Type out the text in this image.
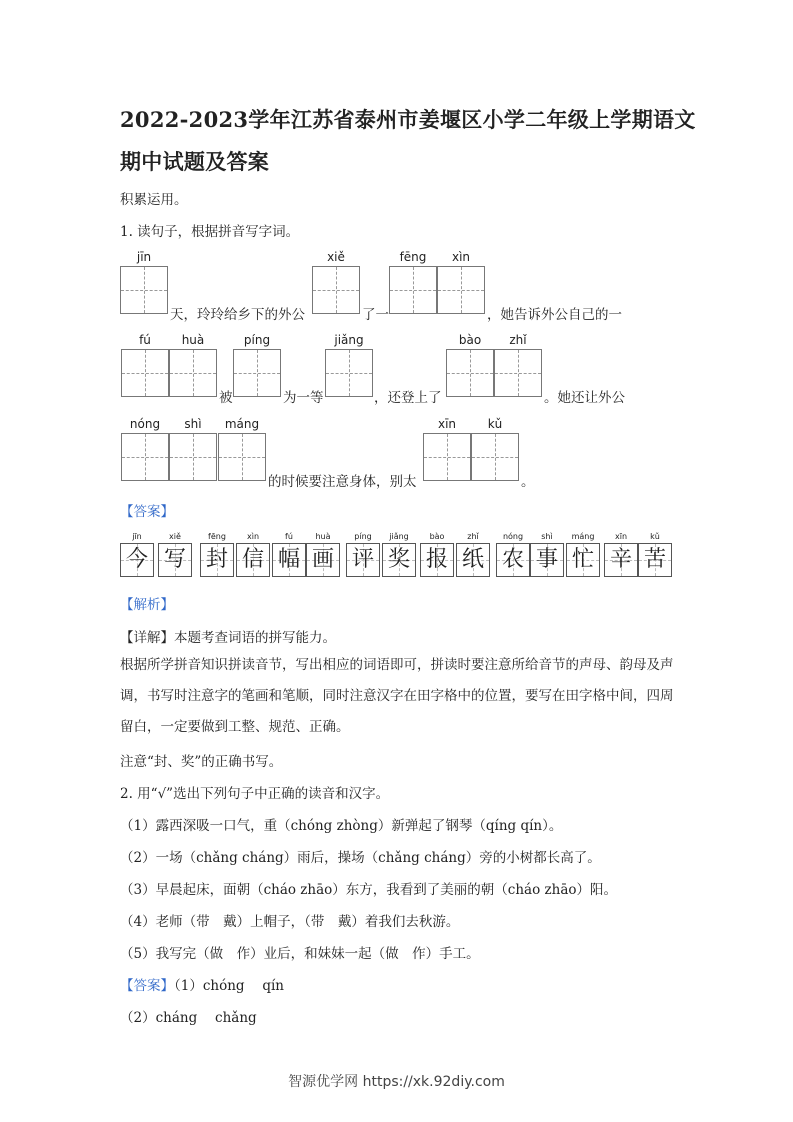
2022-2023学年江苏省泰州市姜堰区小学二年级上学期语文
期中试题及答案
积累运用。
1. 读句子，根据拼音写字词。
jīn
天，玲玲给乡下的外公
xiě
了一
fēng	xìn
，她告诉外公自己的一
fú	huà
被
píng
为一等
jiǎng
，还登上了
bào	zhǐ
。她还让外公
nóng	shì	máng
的时候要注意身体，别太
xīn	kǔ
。
【答案】
jīn
今
xiě
写
fēng
封
xìn
信
fú
幅
huà
画
píng
评
jiǎng
奖
bào
报
zhǐ
纸
nóng
农
shì
事
máng
忙
xīn
辛
kǔ
苦
【解析】
【详解】本题考查词语的拼写能力。
根据所学拼音知识拼读音节，写出相应的词语即可，拼读时要注意所给音节的声母、韵母及声调，书写时注意字的笔画和笔顺，同时注意汉字在田字格中的位置，要写在田字格中间，四周留白，一定要做到工整、规范、正确。
注意“封、奖”的正确书写。
2. 用“√”选出下列句子中正确的读音和汉字。
（1）露西深吸一口气，重（chóng zhòng）新弹起了钢琴（qíng qín）。
（2）一场（chǎng cháng）雨后，操场（chǎng cháng）旁的小树都长高了。
（3）早晨起床，面朝（cháo zhāo）东方，我看到了美丽的朝（cháo zhāo）阳。
（4）老师（带　戴）上帽子，（带　戴）着我们去秋游。
（5）我写完（做　作）业后，和妹妹一起（做　作）手工。
【答案】（1）chóng　 qín
（2）cháng　 chǎng
智源优学网 https://xk.92diy.com
